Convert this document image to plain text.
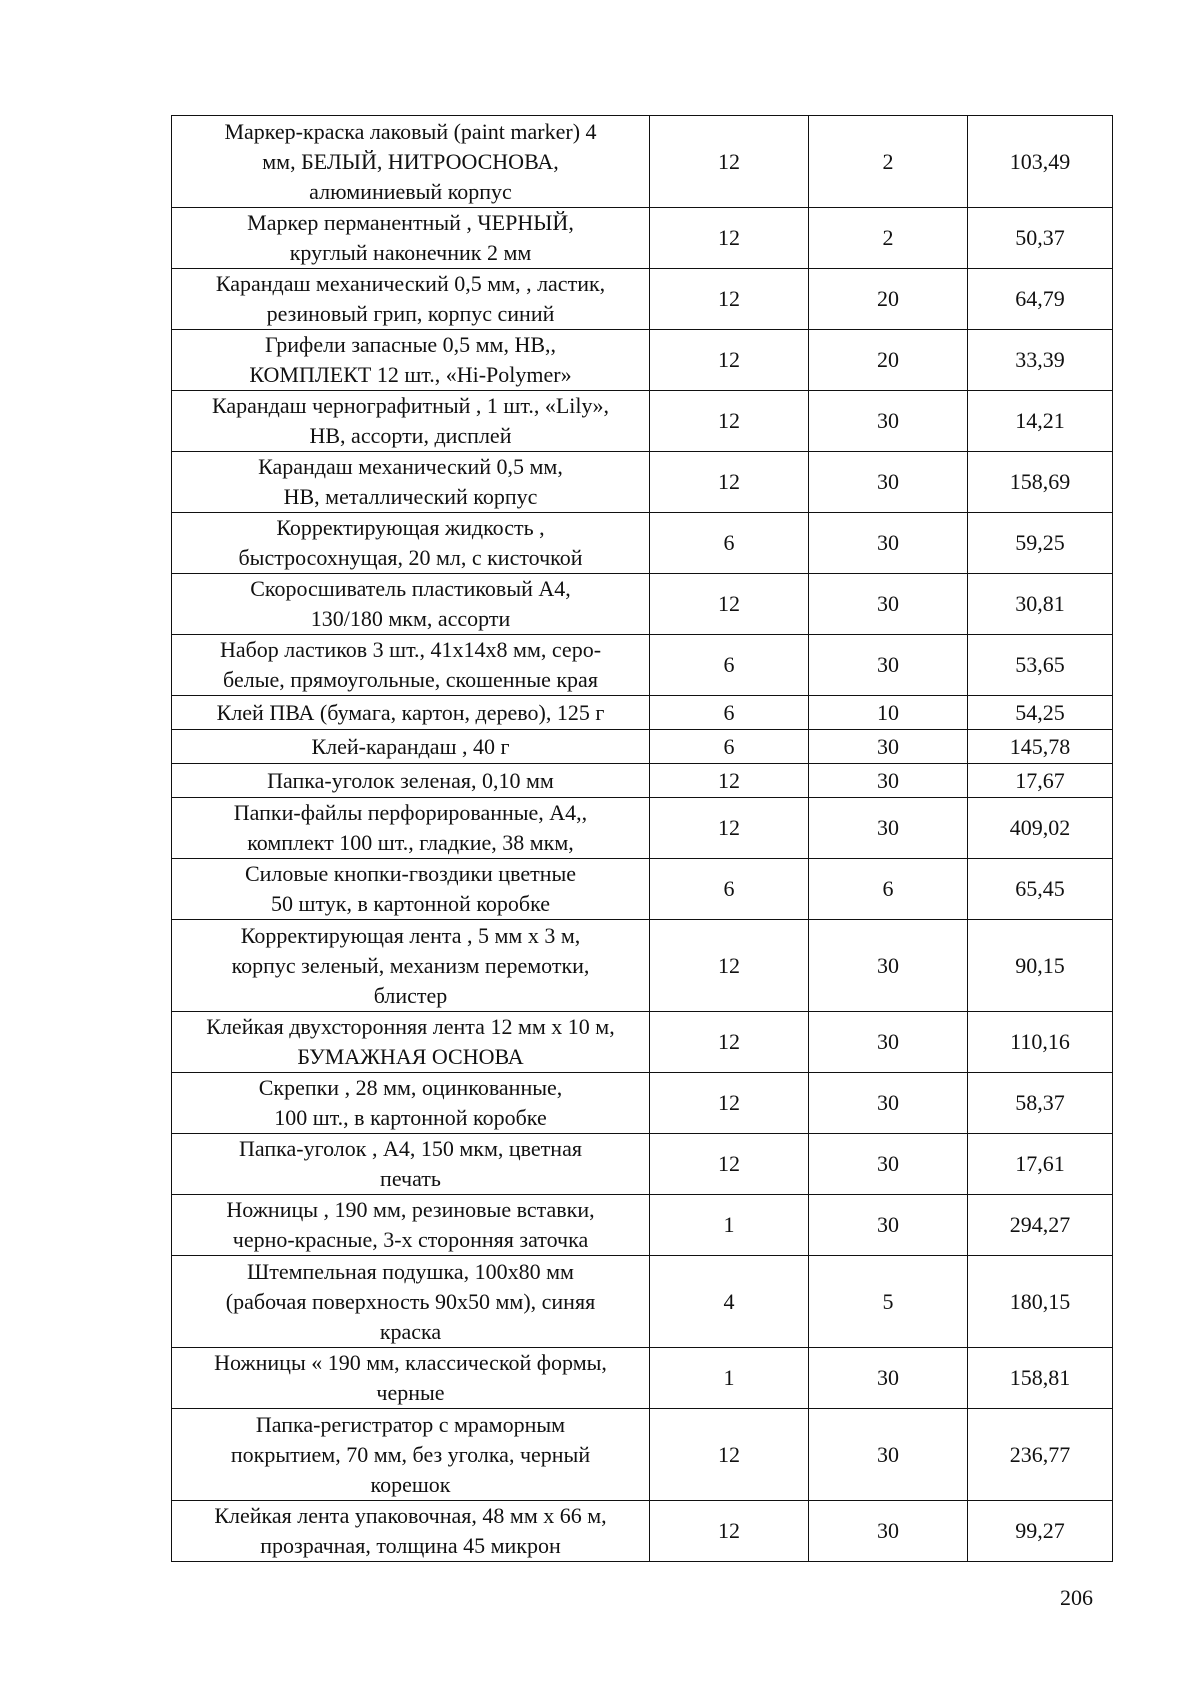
Маркер-краска лаковый (paint marker) 4
мм, БЕЛЫЙ, НИТРООСНОВА,
алюминиевый корпус	12	2	103,49

Маркер перманентный , ЧЕРНЫЙ,
круглый наконечник 2 мм	12	2	50,37

Карандаш механический 0,5 мм, , ластик,
резиновый грип, корпус синий	12	20	64,79

Грифели запасные 0,5 мм, НВ,,
КОМПЛЕКТ 12 шт., «Hi-Polymer»	12	20	33,39

Карандаш чернографитный , 1 шт., «Lily»,
НВ, ассорти, дисплей	12	30	14,21

Карандаш механический 0,5 мм,
НВ, металлический корпус	12	30	158,69

Корректирующая жидкость ,
быстросохнущая, 20 мл, с кисточкой	6	30	59,25

Скоросшиватель пластиковый А4,
130/180 мкм, ассорти	12	30	30,81

Набор ластиков 3 шт., 41х14х8 мм, серо-
белые, прямоугольные, скошенные края	6	30	53,65

Клей ПВА (бумага, картон, дерево), 125 г	6	10	54,25

Клей-карандаш , 40 г	6	30	145,78

Папка-уголок зеленая, 0,10 мм	12	30	17,67

Папки-файлы перфорированные, А4,,
комплект 100 шт., гладкие, 38 мкм,	12	30	409,02

Силовые кнопки-гвоздики цветные
50 штук, в картонной коробке	6	6	65,45

Корректирующая лента , 5 мм х 3 м,
корпус зеленый, механизм перемотки,
блистер	12	30	90,15

Клейкая двухсторонняя лента 12 мм х 10 м,
БУМАЖНАЯ ОСНОВА	12	30	110,16

Скрепки , 28 мм, оцинкованные,
100 шт., в картонной коробке	12	30	58,37

Папка-уголок , А4, 150 мкм, цветная
печать	12	30	17,61

Ножницы , 190 мм, резиновые вставки,
черно-красные, 3-х сторонняя заточка	1	30	294,27

Штемпельная подушка, 100х80 мм
(рабочая поверхность 90х50 мм), синяя
краска	4	5	180,15

Ножницы « 190 мм, классической формы,
черные	1	30	158,81

Папка-регистратор с мраморным
покрытием, 70 мм, без уголка, черный
корешок	12	30	236,77

Клейкая лента упаковочная, 48 мм х 66 м,
прозрачная, толщина 45 микрон	12	30	99,27
206
